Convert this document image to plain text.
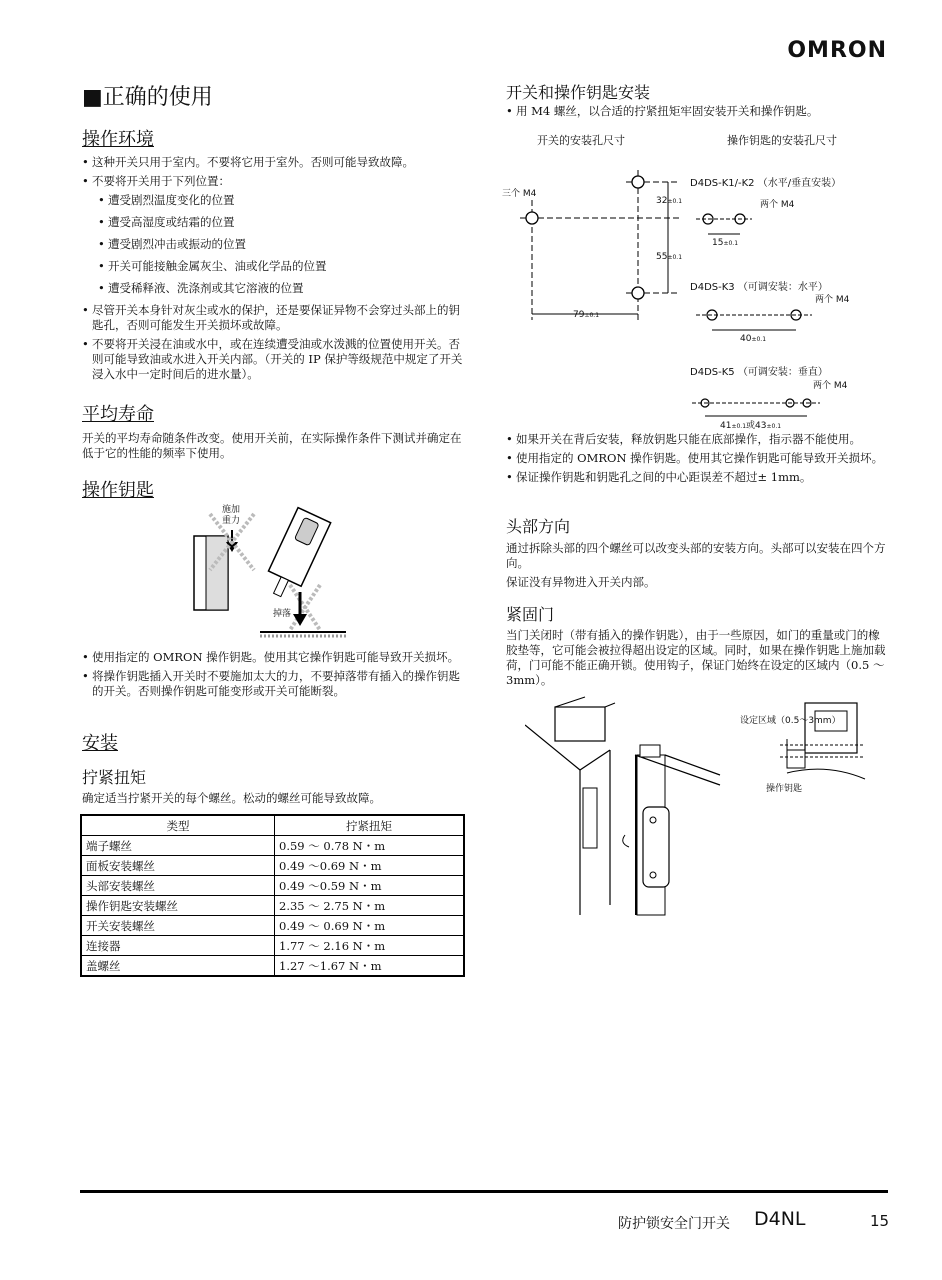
OMRON
■正确的使用
操作环境
• 这种开关只用于室内。不要将它用于室外。否则可能导致故障。
• 不要将开关用于下列位置：
• 遭受剧烈温度变化的位置
• 遭受高湿度或结霜的位置
• 遭受剧烈冲击或振动的位置
• 开关可能接触金属灰尘、油或化学品的位置
• 遭受稀释液、洗涤剂或其它溶液的位置
• 尽管开关本身针对灰尘或水的保护，还是要保证异物不会穿过头部上的钥匙孔，否则可能发生开关损坏或故障。
• 不要将开关浸在油或水中，或在连续遭受油或水泼溅的位置使用开关。否则可能导致油或水进入开关内部。（开关的 IP 保护等级规范中规定了开关浸入水中一定时间后的进水量）。
平均寿命
开关的平均寿命随条件改变。使用开关前，在实际操作条件下测试并确定在低于它的性能的频率下使用。
操作钥匙
施加重力
掉落
• 使用指定的 OMRON 操作钥匙。使用其它操作钥匙可能导致开关损坏。
• 将操作钥匙插入开关时不要施加太大的力，不要掉落带有插入的操作钥匙的开关。否则操作钥匙可能变形或开关可能断裂。
安装
拧紧扭矩
确定适当拧紧开关的每个螺丝。松动的螺丝可能导致故障。
类型	拧紧扭矩
端子螺丝	0.59 ～ 0.78 N・m
面板安装螺丝	0.49 ～0.69 N・m
头部安装螺丝	0.49 ～0.59 N・m
操作钥匙安装螺丝	2.35 ～ 2.75 N・m
开关安装螺丝	0.49 ～ 0.69 N・m
连接器	1.77 ～ 2.16 N・m
盖螺丝	1.27 ～1.67 N・m
开关和操作钥匙安装
• 用 M4 螺丝，以合适的拧紧扭矩牢固安装开关和操作钥匙。
开关的安装孔尺寸	操作钥匙的安装孔尺寸
三个 M4
32±0.1
55±0.1
79±0.1
D4DS-K1/-K2 （水平/垂直安装）
两个 M4
15±0.1
D4DS-K3 （可调安装：水平）
两个 M4
40±0.1
D4DS-K5 （可调安装：垂直）
两个 M4
41±0.1或43±0.1
• 如果开关在背后安装，释放钥匙只能在底部操作，指示器不能使用。
• 使用指定的 OMRON 操作钥匙。使用其它操作钥匙可能导致开关损坏。
• 保证操作钥匙和钥匙孔之间的中心距误差不超过± 1mm。
头部方向
通过拆除头部的四个螺丝可以改变头部的安装方向。头部可以安装在四个方向。
保证没有异物进入开关内部。
紧固门
当门关闭时（带有插入的操作钥匙），由于一些原因，如门的重量或门的橡胶垫等，它可能会被拉得超出设定的区域。同时，如果在操作钥匙上施加载荷，门可能不能正确开锁。使用钩子，保证门始终在设定的区域内（0.5 ～ 3mm）。
设定区域（0.5～3mm）
操作钥匙
防护锁安全门开关 D4NL	15
